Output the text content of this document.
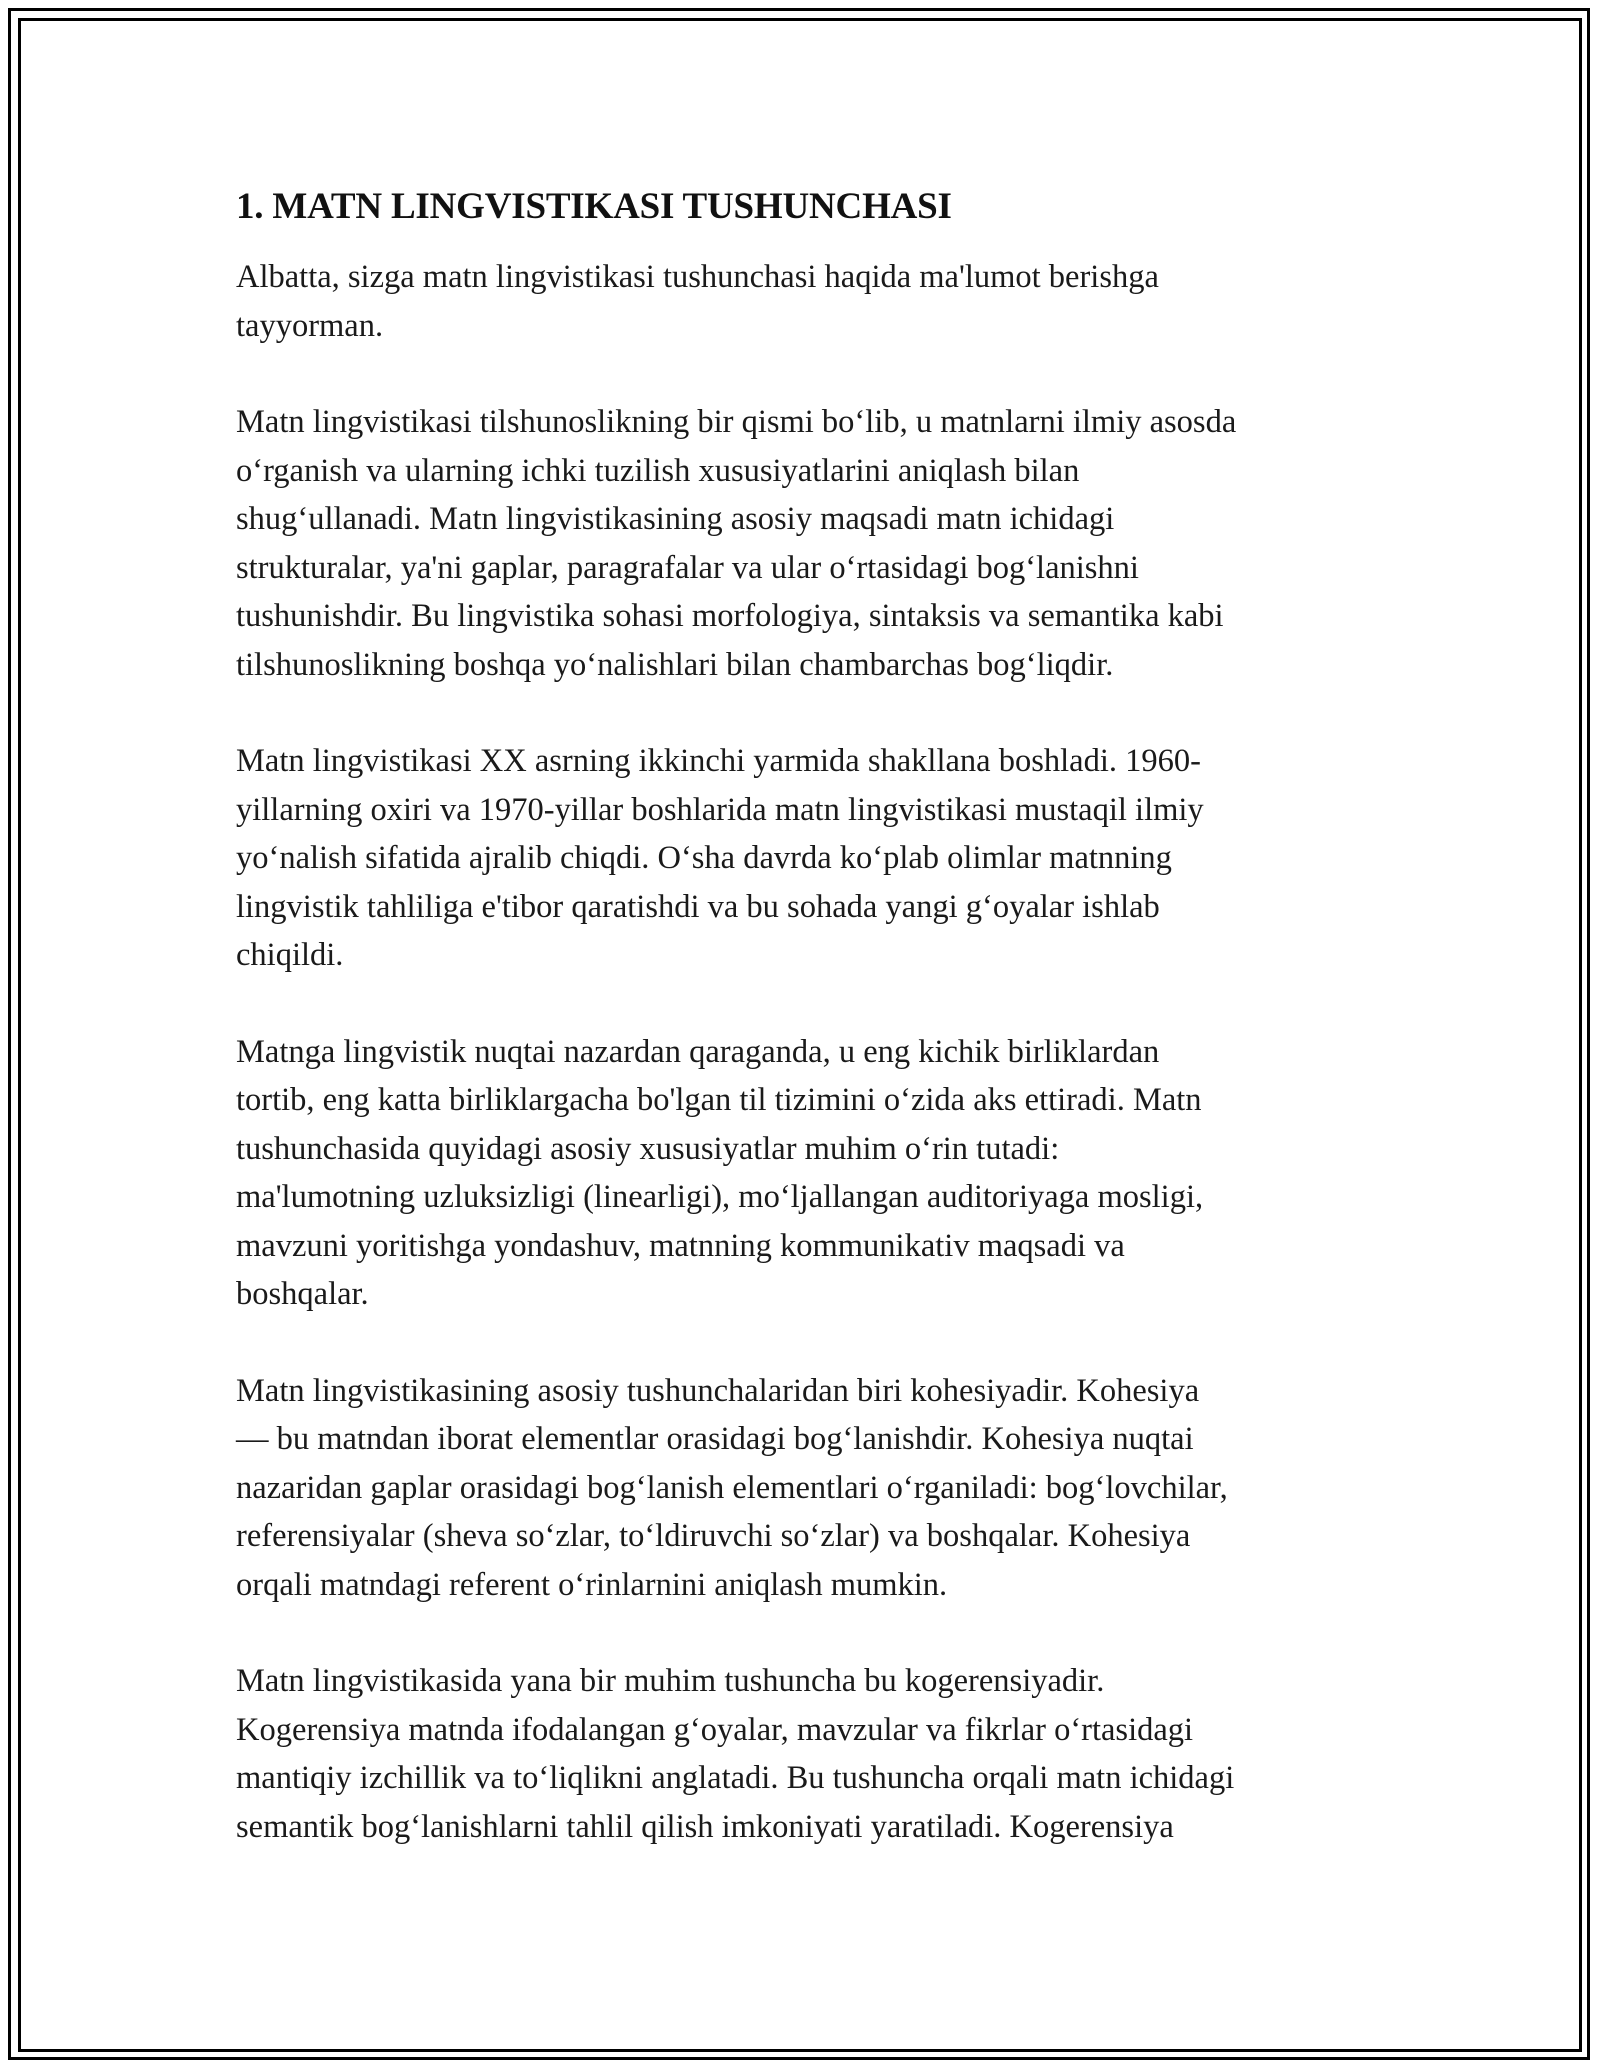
1. MATN LINGVISTIKASI TUSHUNCHASI

Albatta, sizga matn lingvistikasi tushunchasi haqida ma'lumot berishga
tayyorman.

Matn lingvistikasi tilshunoslikning bir qismi bo‘lib, u matnlarni ilmiy asosda
o‘rganish va ularning ichki tuzilish xususiyatlarini aniqlash bilan
shug‘ullanadi. Matn lingvistikasining asosiy maqsadi matn ichidagi
strukturalar, ya'ni gaplar, paragrafalar va ular o‘rtasidagi bog‘lanishni
tushunishdir. Bu lingvistika sohasi morfologiya, sintaksis va semantika kabi
tilshunoslikning boshqa yo‘nalishlari bilan chambarchas bog‘liqdir.

Matn lingvistikasi XX asrning ikkinchi yarmida shakllana boshladi. 1960-
yillarning oxiri va 1970-yillar boshlarida matn lingvistikasi mustaqil ilmiy
yo‘nalish sifatida ajralib chiqdi. O‘sha davrda ko‘plab olimlar matnning
lingvistik tahliliga e'tibor qaratishdi va bu sohada yangi g‘oyalar ishlab
chiqildi.

Matnga lingvistik nuqtai nazardan qaraganda, u eng kichik birliklardan
tortib, eng katta birliklargacha bo'lgan til tizimini o‘zida aks ettiradi. Matn
tushunchasida quyidagi asosiy xususiyatlar muhim o‘rin tutadi:
ma'lumotning uzluksizligi (linearligi), mo‘ljallangan auditoriyaga mosligi,
mavzuni yoritishga yondashuv, matnning kommunikativ maqsadi va
boshqalar.

Matn lingvistikasining asosiy tushunchalaridan biri kohesiyadir. Kohesiya
— bu matndan iborat elementlar orasidagi bog‘lanishdir. Kohesiya nuqtai
nazaridan gaplar orasidagi bog‘lanish elementlari o‘rganiladi: bog‘lovchilar,
referensiyalar (sheva so‘zlar, to‘ldiruvchi so‘zlar) va boshqalar. Kohesiya
orqali matndagi referent o‘rinlarnini aniqlash mumkin.

Matn lingvistikasida yana bir muhim tushuncha bu kogerensiyadir.
Kogerensiya matnda ifodalangan g‘oyalar, mavzular va fikrlar o‘rtasidagi
mantiqiy izchillik va to‘liqlikni anglatadi. Bu tushuncha orqali matn ichidagi
semantik bog‘lanishlarni tahlil qilish imkoniyati yaratiladi. Kogerensiya
